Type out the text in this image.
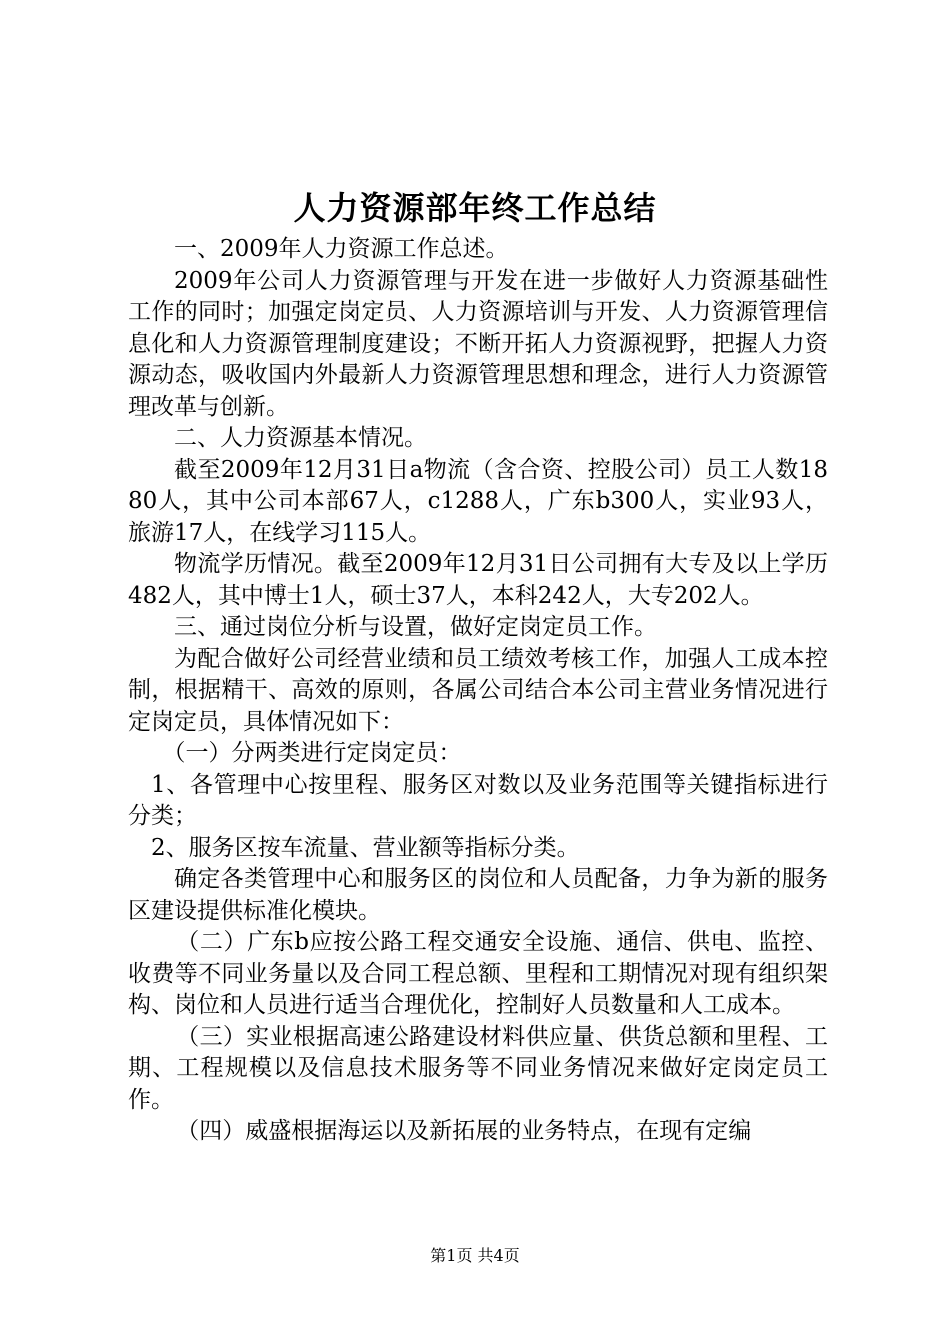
人力资源部年终工作总结

一、2009年人力资源工作总述。

2009年公司人力资源管理与开发在进一步做好人力资源基础性工作的同时；加强定岗定员、人力资源培训与开发、人力资源管理信息化和人力资源管理制度建设；不断开拓人力资源视野，把握人力资源动态，吸收国内外最新人力资源管理思想和理念，进行人力资源管理改革与创新。

二、人力资源基本情况。

截至2009年12月31日a物流（含合资、控股公司）员工人数1880人，其中公司本部67人，c1288人，广东b300人，实业93人，旅游17人，在线学习115人。

物流学历情况。截至2009年12月31日公司拥有大专及以上学历482人，其中博士1人，硕士37人，本科242人，大专202人。

三、通过岗位分析与设置，做好定岗定员工作。

为配合做好公司经营业绩和员工绩效考核工作，加强人工成本控制，根据精干、高效的原则，各属公司结合本公司主营业务情况进行定岗定员，具体情况如下：

（一）分两类进行定岗定员：

1、各管理中心按里程、服务区对数以及业务范围等关键指标进行分类；

2、服务区按车流量、营业额等指标分类。

确定各类管理中心和服务区的岗位和人员配备，力争为新的服务区建设提供标准化模块。

（二）广东b应按公路工程交通安全设施、通信、供电、监控、收费等不同业务量以及合同工程总额、里程和工期情况对现有组织架构、岗位和人员进行适当合理优化，控制好人员数量和人工成本。

（三）实业根据高速公路建设材料供应量、供货总额和里程、工期、工程规模以及信息技术服务等不同业务情况来做好定岗定员工作。

（四）威盛根据海运以及新拓展的业务特点，在现有定编

第1页 共4页
